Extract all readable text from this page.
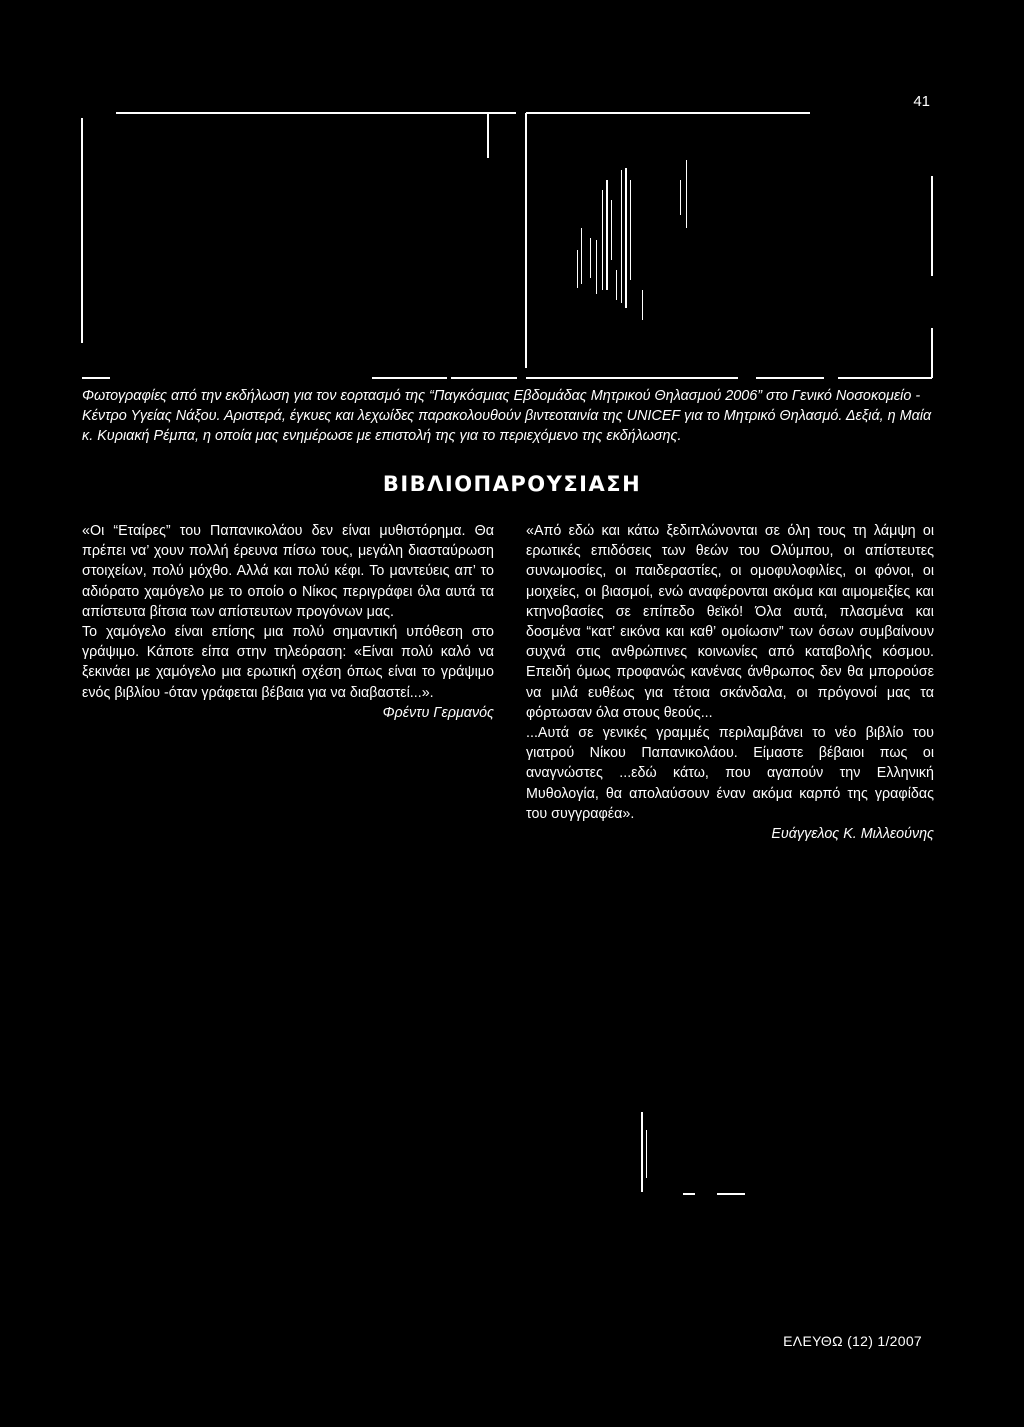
41
Φωτογραφίες από την εκδήλωση για τον εορτασμό της “Παγκόσμιας Εβδομάδας Μητρικού Θηλασμού 2006” στο Γενικό Νοσοκομείο - Κέντρο Υγείας Νάξου. Αριστερά, έγκυες και λεχωίδες παρακολουθούν βιντεοταινία της UNICEF για το Μητρικό Θηλασμό. Δεξιά, η Μαία κ. Κυριακή Ρέμπα, η οποία μας ενημέρωσε με επιστολή της για το περιεχόμενο της εκδήλωσης.
ΒΙΒΛΙΟΠΑΡΟΥΣΙΑΣΗ

«Οι “Εταίρες” του Παπανικολάου δεν είναι μυθιστόρημα. Θα πρέπει να’ χουν πολλή έρευνα πίσω τους, μεγάλη διασταύρωση στοιχείων, πολύ μόχθο. Αλλά και πολύ κέφι. Το μαντεύεις απ’ το αδιόρατο χαμόγελο με το οποίο ο Νίκος περιγράφει όλα αυτά τα απίστευτα βίτσια των απίστευτων προγόνων μας.

Το χαμόγελο είναι επίσης μια πολύ σημαντική υπόθεση στο γράψιμο. Κάποτε είπα στην τηλεόραση: «Είναι πολύ καλό να ξεκινάει με χαμόγελο μια ερωτική σχέση όπως είναι το γράψιμο ενός βιβλίου -όταν γράφεται βέβαια για να διαβαστεί...».

Φρέντυ Γερμανός

«Από εδώ και κάτω ξεδιπλώνονται σε όλη τους τη λάμψη οι ερωτικές επιδόσεις των θεών του Ολύμπου, οι απίστευτες συνωμοσίες, οι παιδεραστίες, οι ομοφυλοφιλίες, οι φόνοι, οι μοιχείες, οι βιασμοί, ενώ αναφέρονται ακόμα και αιμομειξίες και κτηνοβασίες σε επίπεδο θεϊκό! Όλα αυτά, πλασμένα και δοσμένα “κατ’ εικόνα και καθ’ ομοίωσιν” των όσων συμβαίνουν συχνά στις ανθρώπινες κοινωνίες από καταβολής κόσμου. Επειδή όμως προφανώς κανένας άνθρωπος δεν θα μπορούσε να μιλά ευθέως για τέτοια σκάνδαλα, οι πρόγονοί μας τα φόρτωσαν όλα στους θεούς...

...Αυτά σε γενικές γραμμές περιλαμβάνει το νέο βιβλίο του γιατρού Νίκου Παπανικολάου. Είμαστε βέβαιοι πως οι αναγνώστες ...εδώ κάτω, που αγαπούν την Ελληνική Μυθολογία, θα απολαύσουν έναν ακόμα καρπό της γραφίδας του συγγραφέα».

Ευάγγελος Κ. Μιλλεούνης

ΕΛΕΥΘΩ (12) 1/2007
